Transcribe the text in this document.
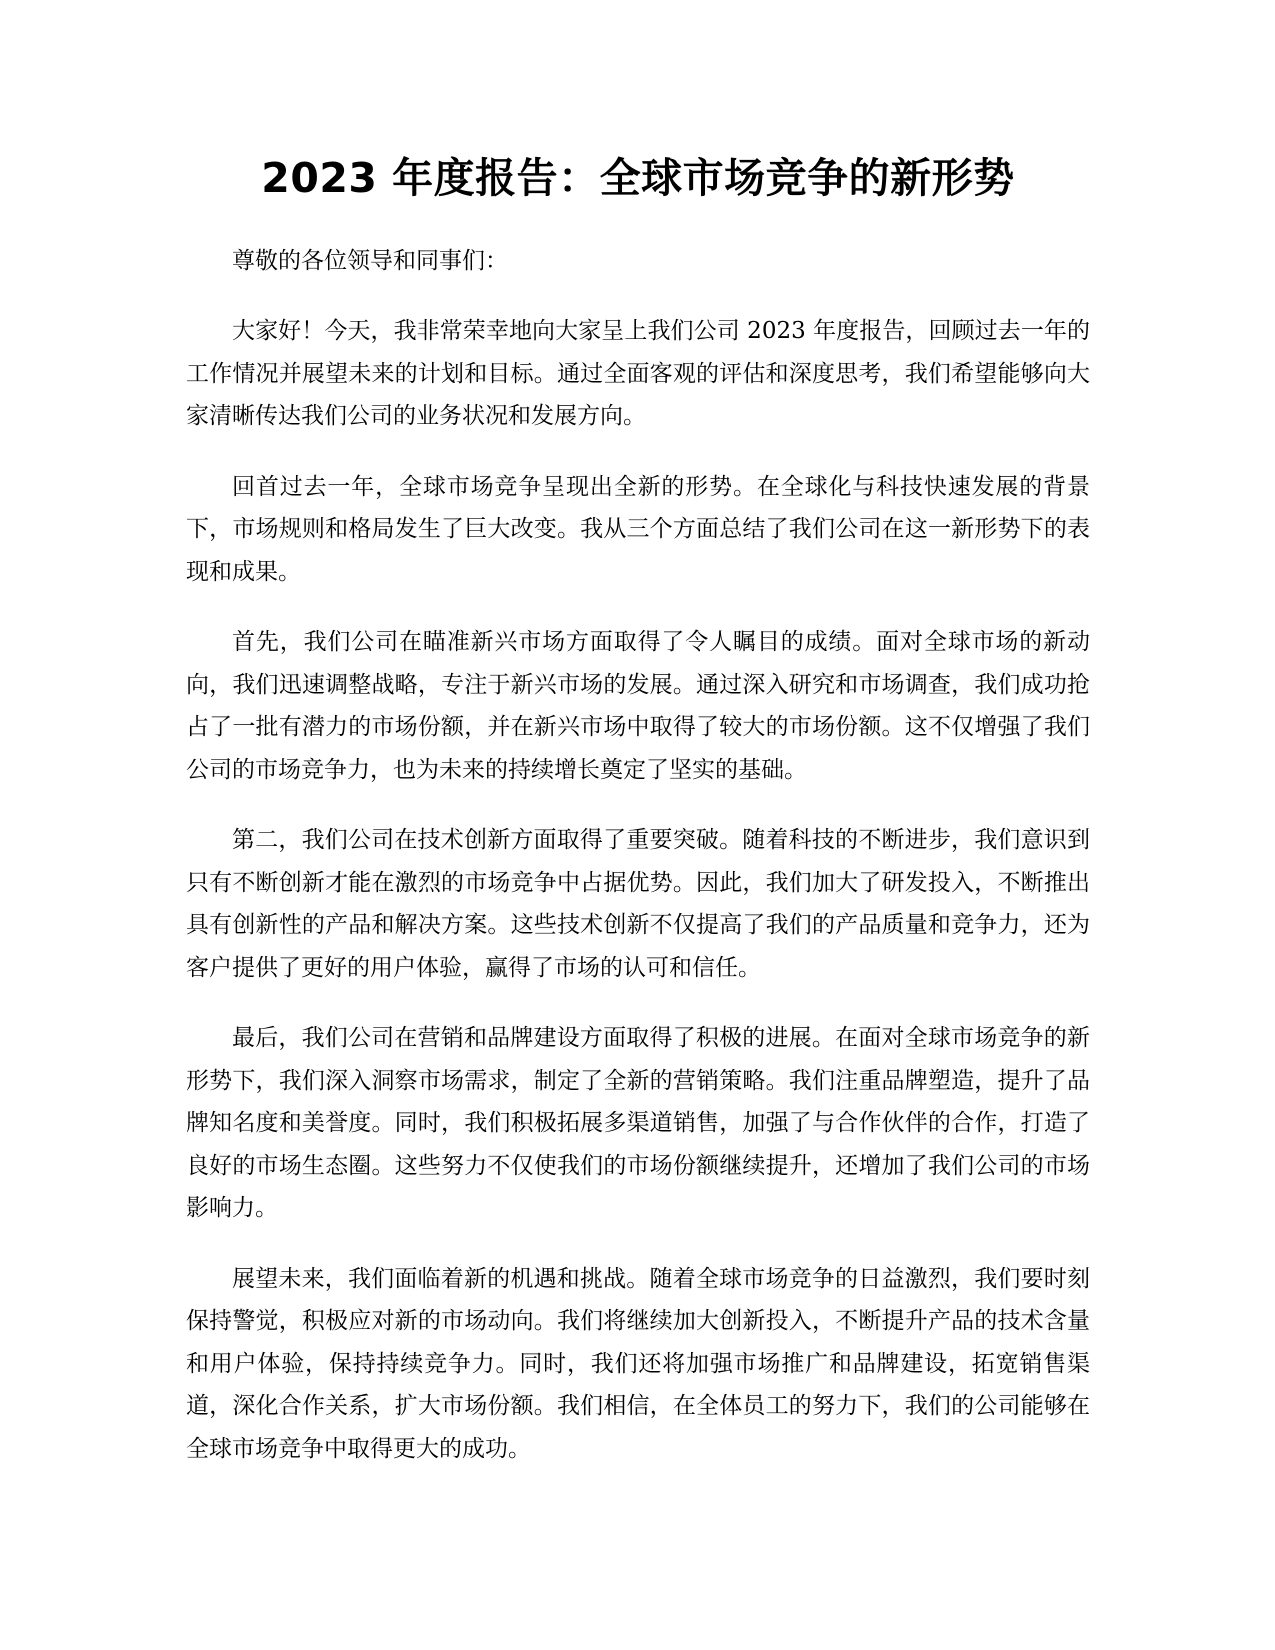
2023 年度报告：全球市场竞争的新形势

尊敬的各位领导和同事们：

大家好！今天，我非常荣幸地向大家呈上我们公司 2023 年度报告，回顾过去一年的工作情况并展望未来的计划和目标。通过全面客观的评估和深度思考，我们希望能够向大家清晰传达我们公司的业务状况和发展方向。

回首过去一年，全球市场竞争呈现出全新的形势。在全球化与科技快速发展的背景下，市场规则和格局发生了巨大改变。我从三个方面总结了我们公司在这一新形势下的表现和成果。

首先，我们公司在瞄准新兴市场方面取得了令人瞩目的成绩。面对全球市场的新动向，我们迅速调整战略，专注于新兴市场的发展。通过深入研究和市场调查，我们成功抢占了一批有潜力的市场份额，并在新兴市场中取得了较大的市场份额。这不仅增强了我们公司的市场竞争力，也为未来的持续增长奠定了坚实的基础。

第二，我们公司在技术创新方面取得了重要突破。随着科技的不断进步，我们意识到只有不断创新才能在激烈的市场竞争中占据优势。因此，我们加大了研发投入，不断推出具有创新性的产品和解决方案。这些技术创新不仅提高了我们的产品质量和竞争力，还为客户提供了更好的用户体验，赢得了市场的认可和信任。

最后，我们公司在营销和品牌建设方面取得了积极的进展。在面对全球市场竞争的新形势下，我们深入洞察市场需求，制定了全新的营销策略。我们注重品牌塑造，提升了品牌知名度和美誉度。同时，我们积极拓展多渠道销售，加强了与合作伙伴的合作，打造了良好的市场生态圈。这些努力不仅使我们的市场份额继续提升，还增加了我们公司的市场影响力。

展望未来，我们面临着新的机遇和挑战。随着全球市场竞争的日益激烈，我们要时刻保持警觉，积极应对新的市场动向。我们将继续加大创新投入，不断提升产品的技术含量和用户体验，保持持续竞争力。同时，我们还将加强市场推广和品牌建设，拓宽销售渠道，深化合作关系，扩大市场份额。我们相信，在全体员工的努力下，我们的公司能够在全球市场竞争中取得更大的成功。
